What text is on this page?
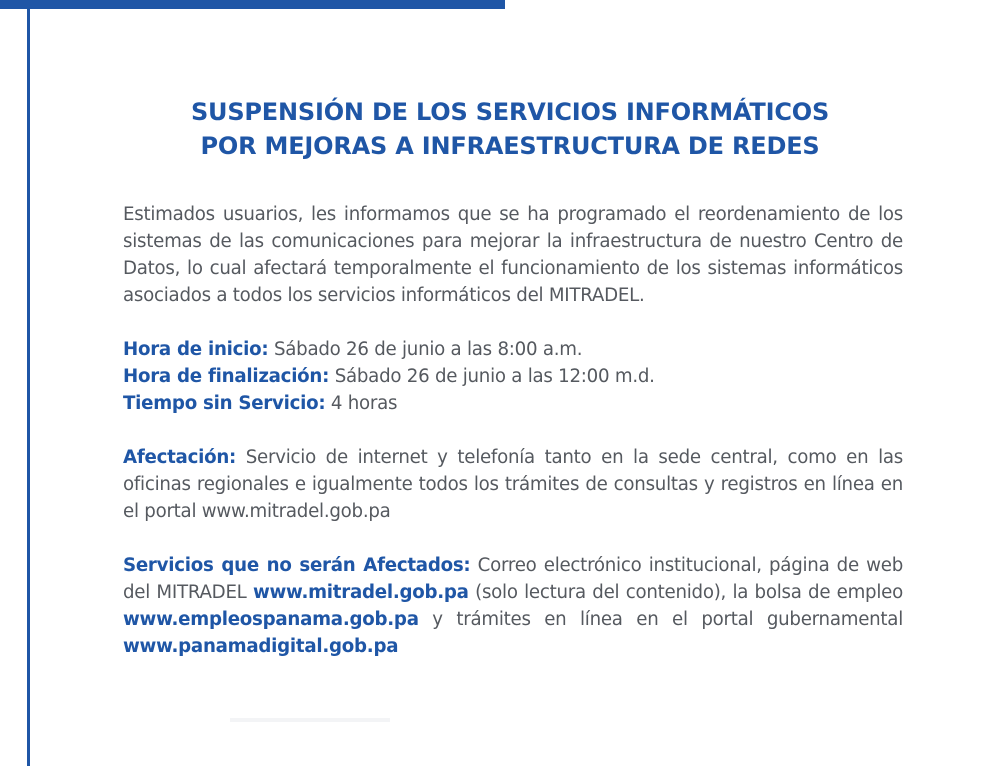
SUSPENSIÓN DE LOS SERVICIOS INFORMÁTICOS
POR MEJORAS A INFRAESTRUCTURA DE REDES

Estimados usuarios, les informamos que se ha programado el reordenamiento de los sistemas de las comunicaciones para mejorar la infraestructura de nuestro Centro de Datos, lo cual afectará temporalmente el funcionamiento de los sistemas informáticos asociados a todos los servicios informáticos del MITRADEL.

Hora de inicio: Sábado 26 de junio a las 8:00 a.m.
Hora de finalización: Sábado 26 de junio a las 12:00 m.d.
Tiempo sin Servicio: 4 horas

Afectación: Servicio de internet y telefonía tanto en la sede central, como en las oficinas regionales e igualmente todos los trámites de consultas y registros en línea en el portal www.mitradel.gob.pa

Servicios que no serán Afectados: Correo electrónico institucional, página de web del MITRADEL www.mitradel.gob.pa (solo lectura del contenido), la bolsa de empleo www.empleospanama.gob.pa y trámites en línea en el portal gubernamental www.panamadigital.gob.pa
